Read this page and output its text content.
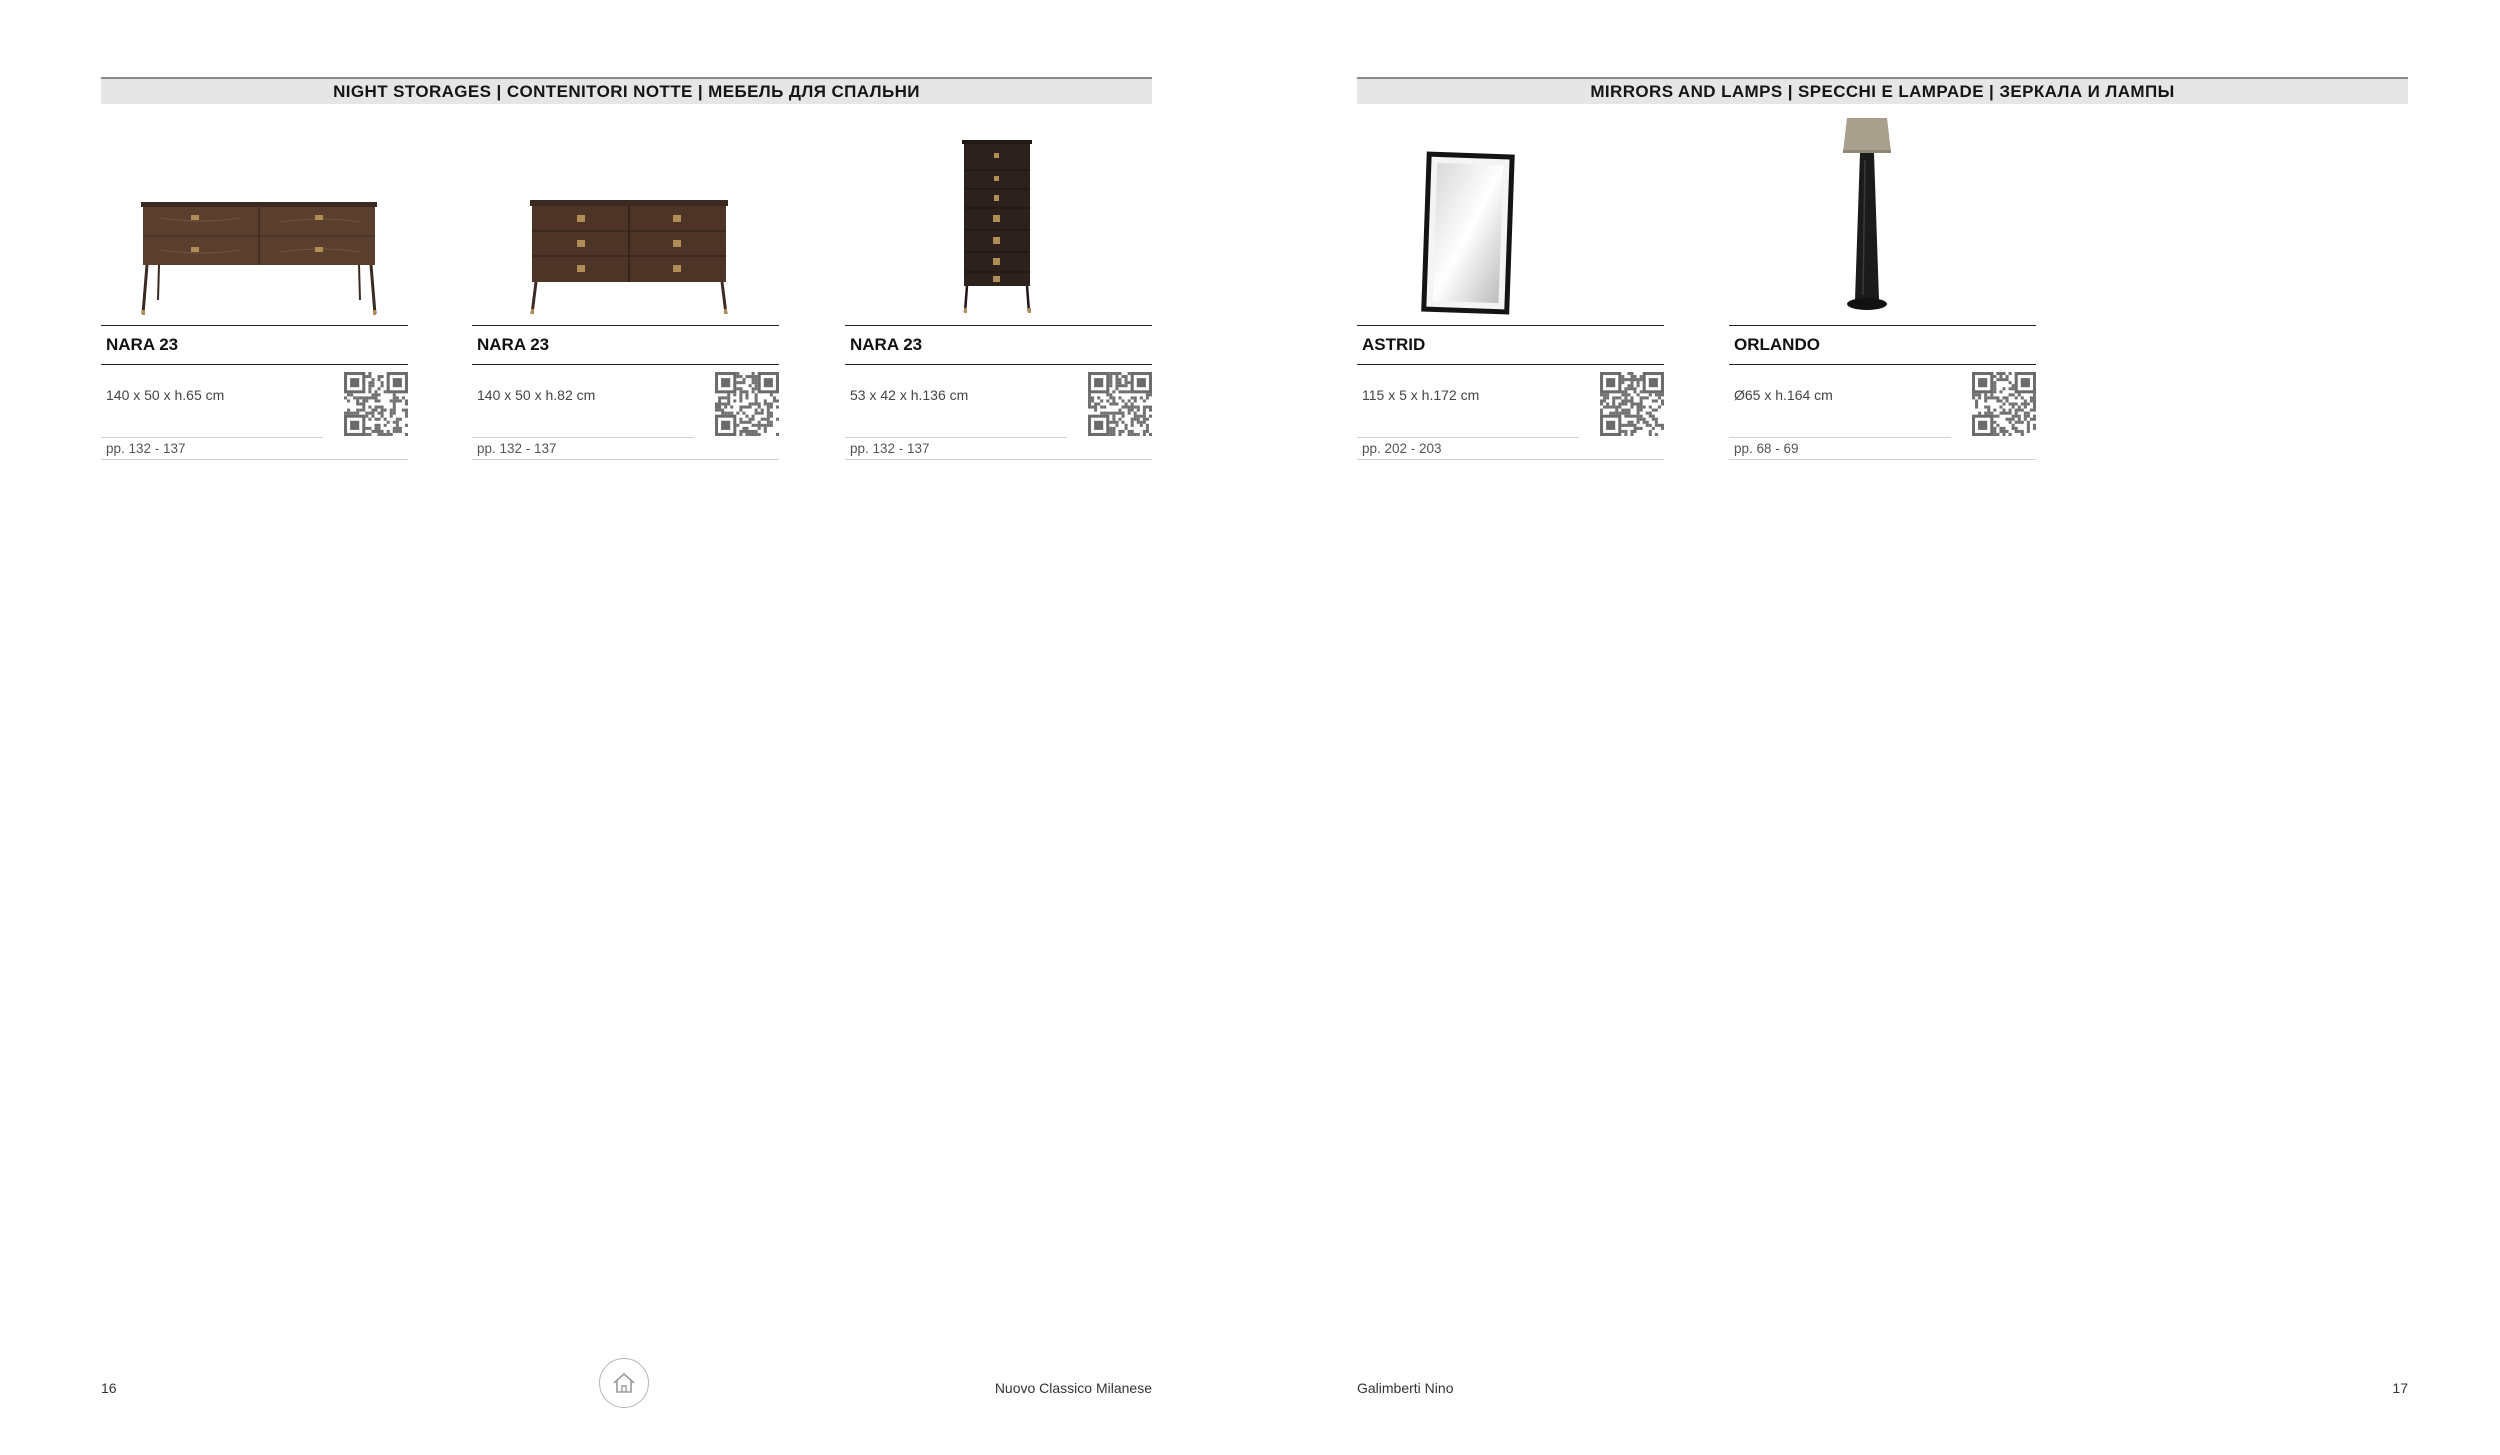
NIGHT STORAGES | CONTENITORI NOTTE | МЕБЕЛЬ ДЛЯ СПАЛЬНИ	MIRRORS AND LAMPS | SPECCHI E LAMPADE | ЗЕРКАЛА И ЛАМПЫ
NARA 23
140 x 50 x h.65 cm
pp. 132 - 137
NARA 23
140 x 50 x h.82 cm
pp. 132 - 137
NARA 23
53 x 42 x h.136 cm
pp. 132 - 137
ASTRID
115 x 5 x h.172 cm
pp. 202 - 203
ORLANDO
Ø65 x h.164 cm
pp. 68 - 69
16	Nuovo Classico Milanese	Galimberti Nino	17
